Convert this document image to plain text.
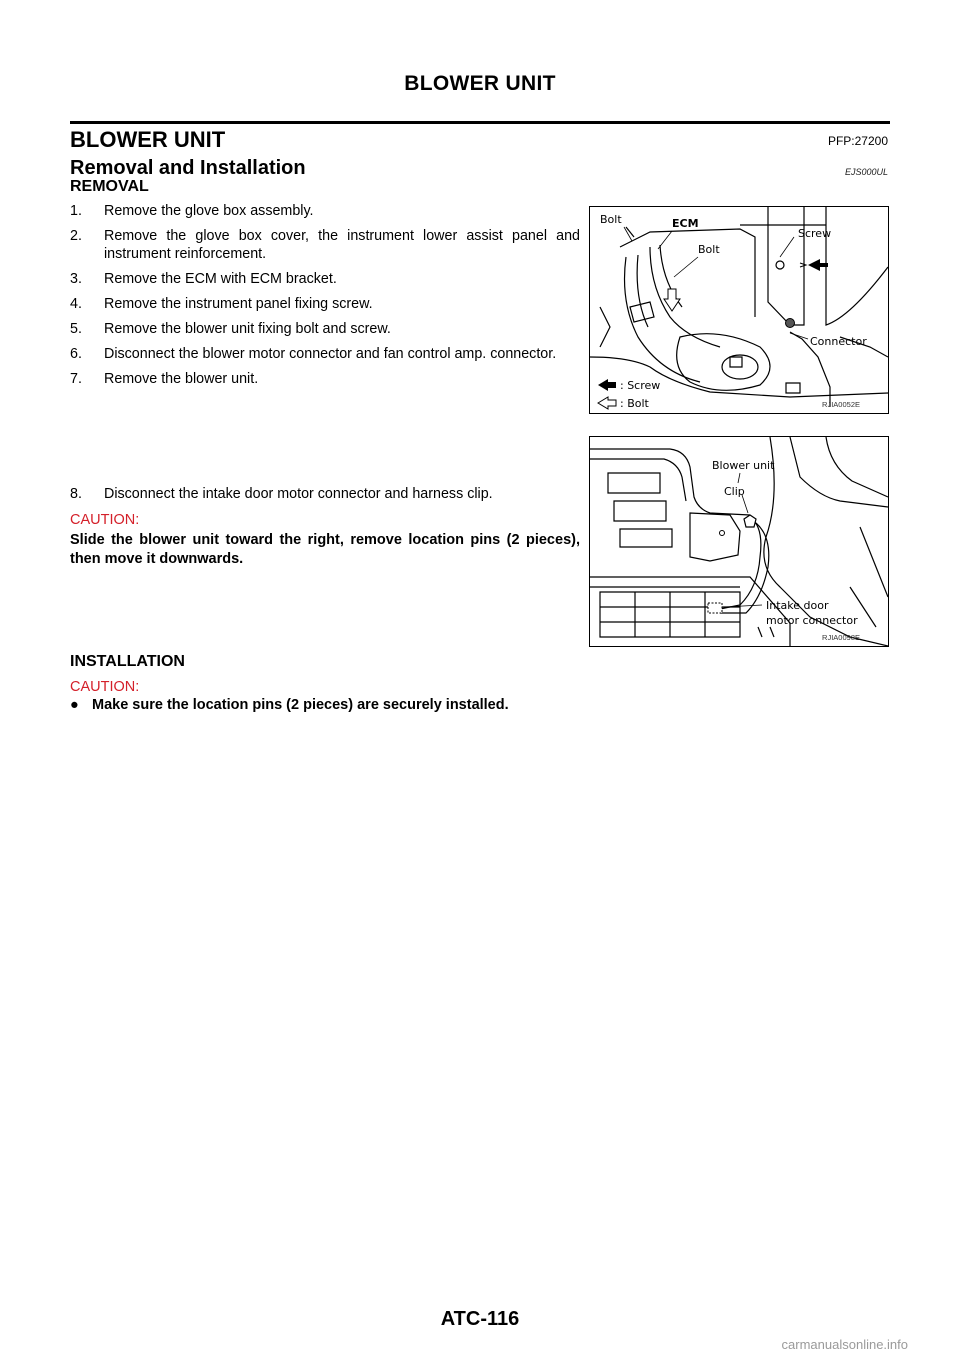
BLOWER UNIT
BLOWER UNIT	PFP:27200
Removal and Installation	EJS000UL
REMOVAL
1. Remove the glove box assembly.
2. Remove the glove box cover, the instrument lower assist panel and instrument reinforcement.
3. Remove the ECM with ECM bracket.
4. Remove the instrument panel fixing screw.
5. Remove the blower unit fixing bolt and screw.
6. Disconnect the blower motor connector and fan control amp. connector.
7. Remove the blower unit.
8. Disconnect the intake door motor connector and harness clip.
CAUTION:
Slide the blower unit toward the right, remove location pins (2 pieces), then move it downwards.
Bolt	ECM
Bolt
Screw
Connector
: Screw
: Bolt	RJIA0052E
Blower unit
Clip
Intake door
motor connector
RJIA0098E
INSTALLATION
CAUTION:
● Make sure the location pins (2 pieces) are securely installed.
ATC-116
carmanualsonline.info
